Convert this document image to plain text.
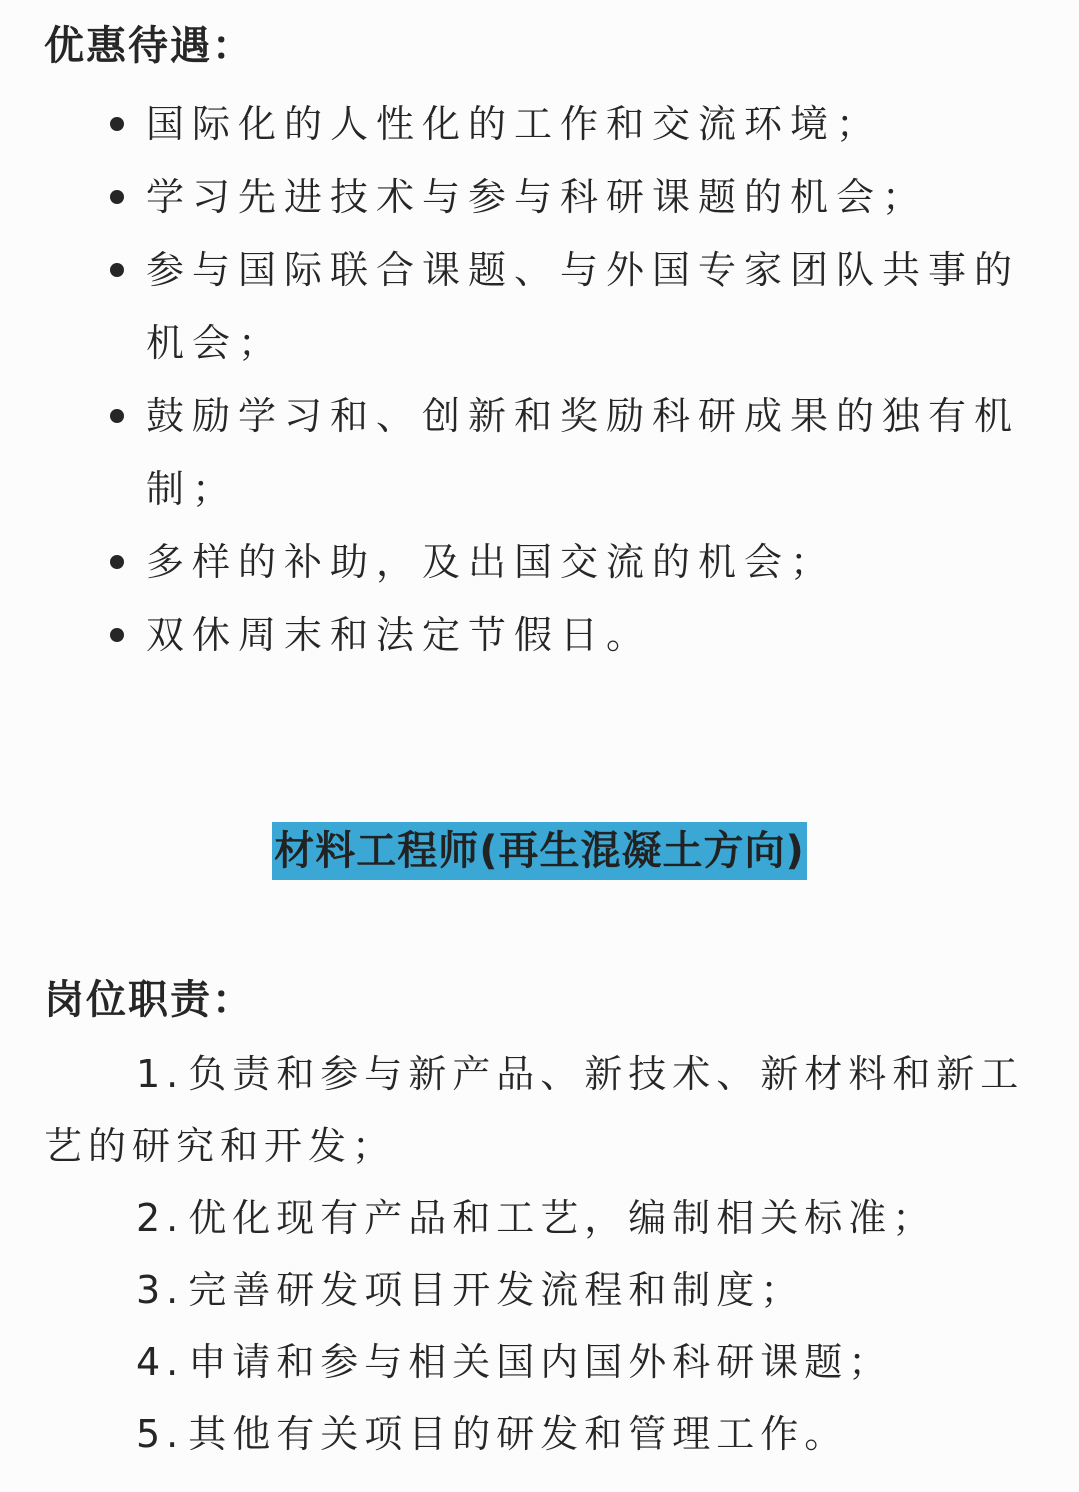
优惠待遇：
国际化的人性化的工作和交流环境；
学习先进技术与参与科研课题的机会；
参与国际联合课题、与外国专家团队共事的机会；
鼓励学习和、创新和奖励科研成果的独有机制；
多样的补助，及出国交流的机会；
双休周末和法定节假日。
材料工程师(再生混凝土方向)
岗位职责：
1. 负责和参与新产品、新技术、新材料和新工艺的研究和开发；
2. 优化现有产品和工艺，编制相关标准；
3. 完善研发项目开发流程和制度；
4. 申请和参与相关国内国外科研课题；
5. 其他有关项目的研发和管理工作。
